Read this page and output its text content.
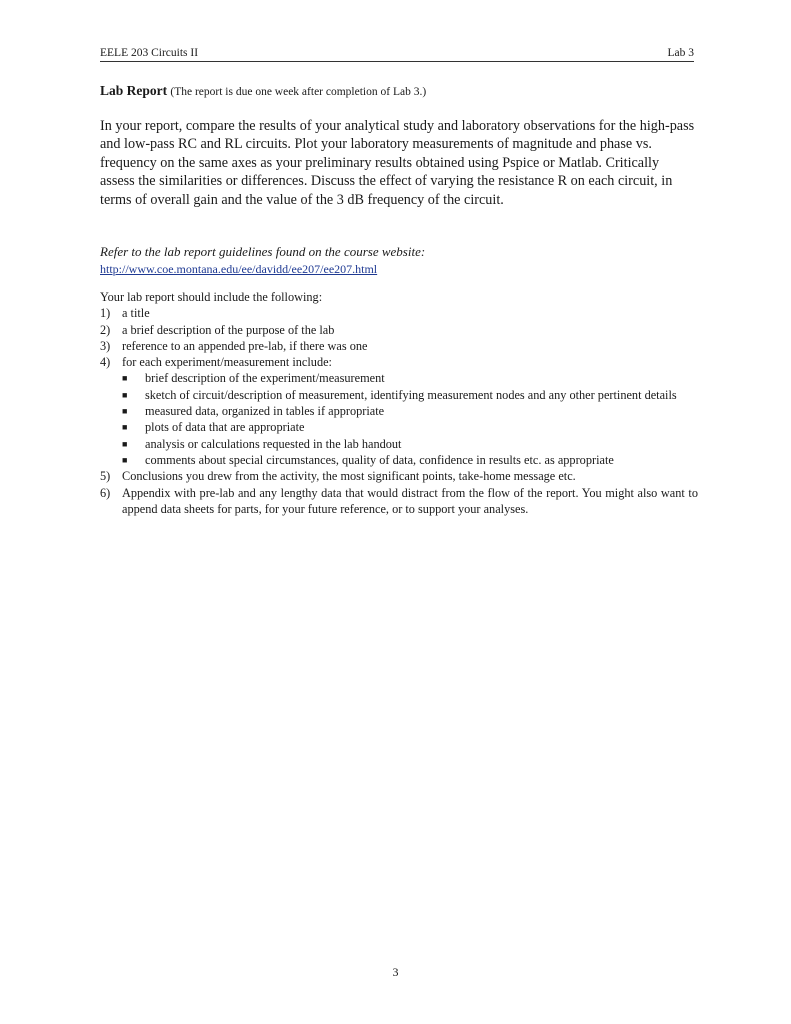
EELE 203 Circuits II	Lab 3
Lab Report (The report is due one week after completion of Lab 3.)

In your report, compare the results of your analytical study and laboratory observations for the high-pass and low-pass RC and RL circuits. Plot your laboratory measurements of magnitude and phase vs. frequency on the same axes as your preliminary results obtained using Pspice or Matlab. Critically assess the similarities or differences. Discuss the effect of varying the resistance R on each circuit, in terms of overall gain and the value of the 3 dB frequency of the circuit.

Refer to the lab report guidelines found on the course website:
http://www.coe.montana.edu/ee/davidd/ee207/ee207.html
Your lab report should include the following:
1) a title
2) a brief description of the purpose of the lab
3) reference to an appended pre-lab, if there was one
4) for each experiment/measurement include:
■	brief description of the experiment/measurement
■	sketch of circuit/description of measurement, identifying measurement nodes and any other pertinent details
■	measured data, organized in tables if appropriate
■	plots of data that are appropriate
■	analysis or calculations requested in the lab handout
■	comments about special circumstances, quality of data, confidence in results etc. as appropriate
5) Conclusions you drew from the activity, the most significant points, take-home message etc.
6) Appendix with pre-lab and any lengthy data that would distract from the flow of the report. You might also want to append data sheets for parts, for your future reference, or to support your analyses.
3
